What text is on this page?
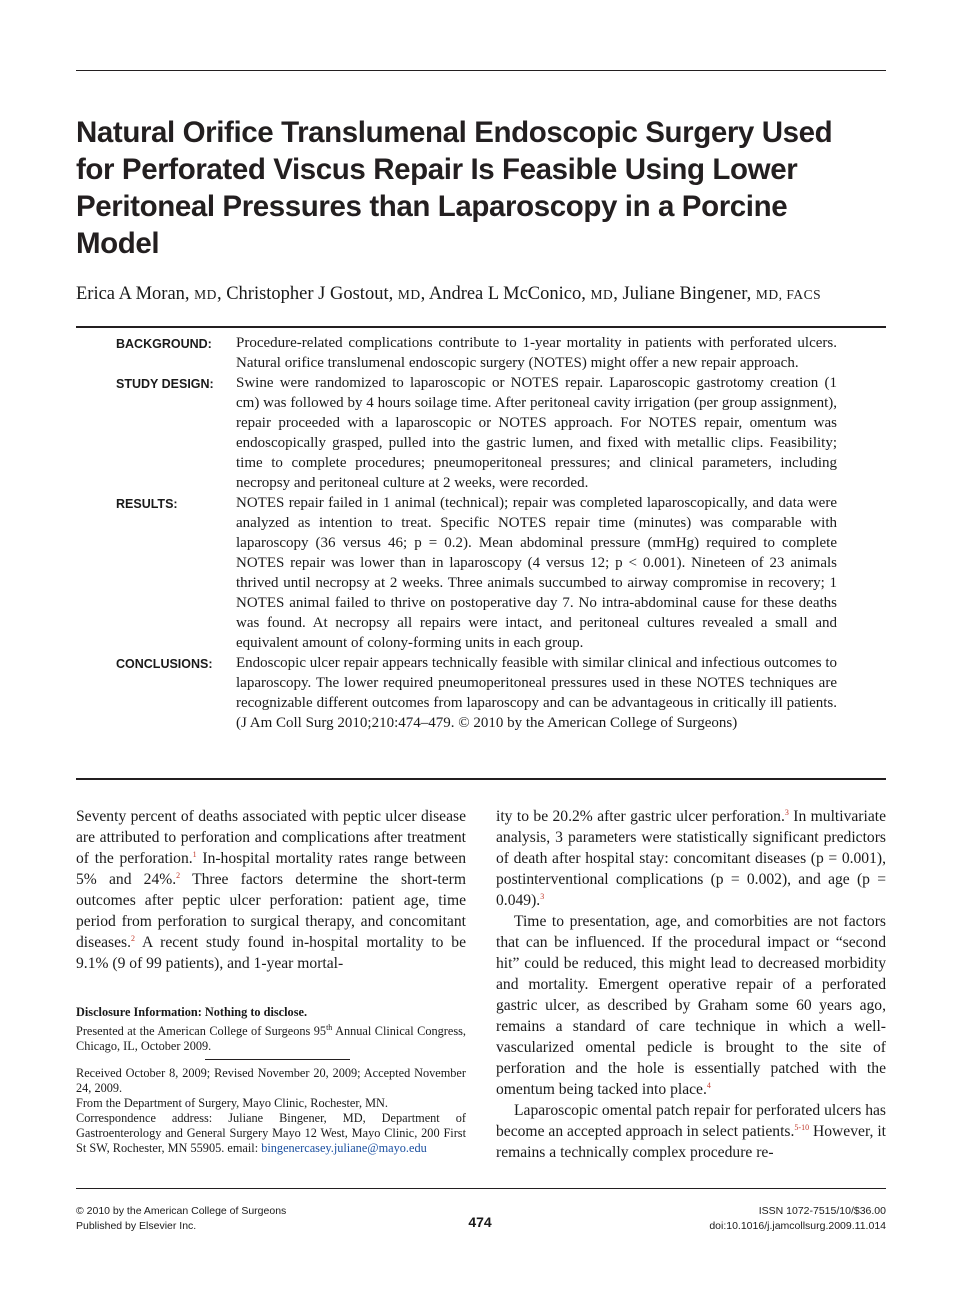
Natural Orifice Translumenal Endoscopic Surgery Used for Perforated Viscus Repair Is Feasible Using Lower Peritoneal Pressures than Laparoscopy in a Porcine Model
Erica A Moran, MD, Christopher J Gostout, MD, Andrea L McConico, MD, Juliane Bingener, MD, FACS
BACKGROUND:	Procedure-related complications contribute to 1-year mortality in patients with perforated ulcers. Natural orifice translumenal endoscopic surgery (NOTES) might offer a new repair approach.
STUDY DESIGN:	Swine were randomized to laparoscopic or NOTES repair. Laparoscopic gastrotomy creation (1 cm) was followed by 4 hours soilage time. After peritoneal cavity irrigation (per group assignment), repair proceeded with a laparoscopic or NOTES approach. For NOTES repair, omentum was endoscopically grasped, pulled into the gastric lumen, and fixed with metallic clips. Feasibility; time to complete procedures; pneumoperitoneal pressures; and clinical parameters, including necropsy and peritoneal culture at 2 weeks, were recorded.
RESULTS:	NOTES repair failed in 1 animal (technical); repair was completed laparoscopically, and data were analyzed as intention to treat. Specific NOTES repair time (minutes) was comparable with laparoscopy (36 versus 46; p = 0.2). Mean abdominal pressure (mmHg) required to complete NOTES repair was lower than in laparoscopy (4 versus 12; p < 0.001). Nineteen of 23 animals thrived until necropsy at 2 weeks. Three animals succumbed to airway compromise in recovery; 1 NOTES animal failed to thrive on postoperative day 7. No intra-abdominal cause for these deaths was found. At necropsy all repairs were intact, and peritoneal cultures revealed a small and equivalent amount of colony-forming units in each group.
CONCLUSIONS:	Endoscopic ulcer repair appears technically feasible with similar clinical and infectious outcomes to laparoscopy. The lower required pneumoperitoneal pressures used in these NOTES techniques are recognizable different outcomes from laparoscopy and can be advantageous in critically ill patients. (J Am Coll Surg 2010;210:474–479. © 2010 by the American College of Surgeons)

Seventy percent of deaths associated with peptic ulcer disease are attributed to perforation and complications after treatment of the perforation.$^1$ In-hospital mortality rates range between 5% and 24%.$^2$ Three factors determine the short-term outcomes after peptic ulcer perforation: patient age, time period from perforation to surgical therapy, and concomitant diseases.$^2$ A recent study found in-hospital mortality to be 9.1% (9 of 99 patients), and 1-year mortal-

Disclosure Information: Nothing to disclose.

Presented at the American College of Surgeons 95th Annual Clinical Congress, Chicago, IL, October 2009.

Received October 8, 2009; Revised November 20, 2009; Accepted November 24, 2009.

From the Department of Surgery, Mayo Clinic, Rochester, MN.

Correspondence address: Juliane Bingener, MD, Department of Gastroenterology and General Surgery Mayo 12 West, Mayo Clinic, 200 First St SW, Rochester, MN 55905. email: bingenercasey.juliane@mayo.edu

ity to be 20.2% after gastric ulcer perforation.$^3$ In multivariate analysis, 3 parameters were statistically significant predictors of death after hospital stay: concomitant diseases (p = 0.001), postinterventional complications (p = 0.002), and age (p = 0.049).$^3$

Time to presentation, age, and comorbities are not factors that can be influenced. If the procedural impact or “second hit” could be reduced, this might lead to decreased morbidity and mortality. Emergent operative repair of a perforated gastric ulcer, as described by Graham some 60 years ago, remains a standard of care technique in which a well-vascularized omental pedicle is brought to the site of perforation and the hole is essentially patched with the omentum being tacked into place.$^4$

Laparoscopic omental patch repair for perforated ulcers has become an accepted approach in select patients.$^{5-10}$ However, it remains a technically complex procedure re-

© 2010 by the American College of Surgeons
Published by Elsevier Inc.	474
ISSN 1072-7515/10/$36.00
doi:10.1016/j.jamcollsurg.2009.11.014
